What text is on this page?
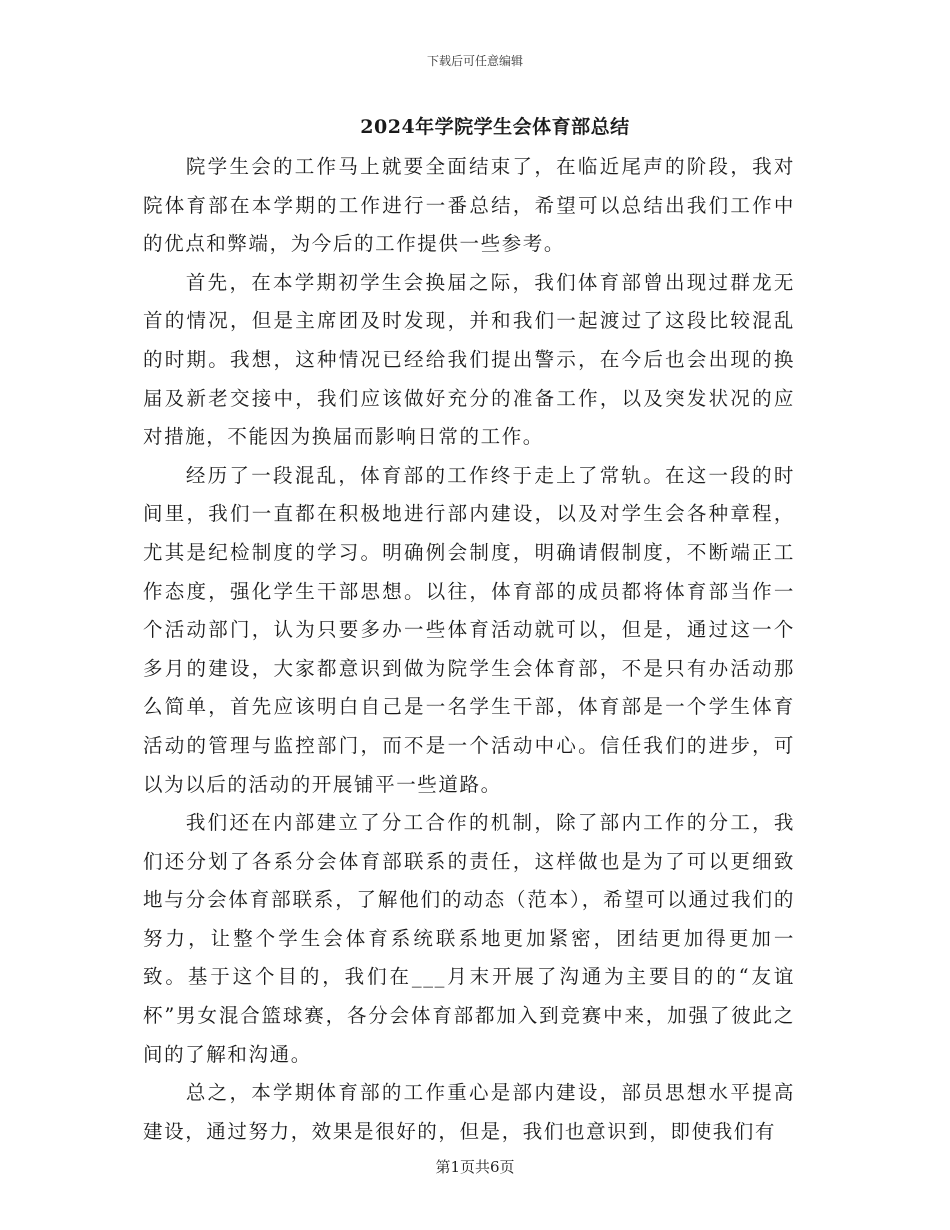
下载后可任意编辑
2024年学院学生会体育部总结

院学生会的工作马上就要全面结束了，在临近尾声的阶段，我对院体育部在本学期的工作进行一番总结，希望可以总结出我们工作中的优点和弊端，为今后的工作提供一些参考。

首先，在本学期初学生会换届之际，我们体育部曾出现过群龙无首的情况，但是主席团及时发现，并和我们一起渡过了这段比较混乱的时期。我想，这种情况已经给我们提出警示，在今后也会出现的换届及新老交接中，我们应该做好充分的准备工作，以及突发状况的应对措施，不能因为换届而影响日常的工作。

经历了一段混乱，体育部的工作终于走上了常轨。在这一段的时间里，我们一直都在积极地进行部内建设，以及对学生会各种章程，尤其是纪检制度的学习。明确例会制度，明确请假制度，不断端正工作态度，强化学生干部思想。以往，体育部的成员都将体育部当作一个活动部门，认为只要多办一些体育活动就可以，但是，通过这一个多月的建设，大家都意识到做为院学生会体育部，不是只有办活动那么简单，首先应该明白自己是一名学生干部，体育部是一个学生体育活动的管理与监控部门，而不是一个活动中心。信任我们的进步，可以为以后的活动的开展铺平一些道路。

我们还在内部建立了分工合作的机制，除了部内工作的分工，我们还分划了各系分会体育部联系的责任，这样做也是为了可以更细致地与分会体育部联系，了解他们的动态（范本），希望可以通过我们的努力，让整个学生会体育系统联系地更加紧密，团结更加得更加一致。基于这个目的，我们在___月末开展了沟通为主要目的的“友谊杯”男女混合篮球赛，各分会体育部都加入到竞赛中来，加强了彼此之间的了解和沟通。

总之，本学期体育部的工作重心是部内建设，部员思想水平提高建设，通过努力，效果是很好的，但是，我们也意识到，即使我们有

第1页共6页
